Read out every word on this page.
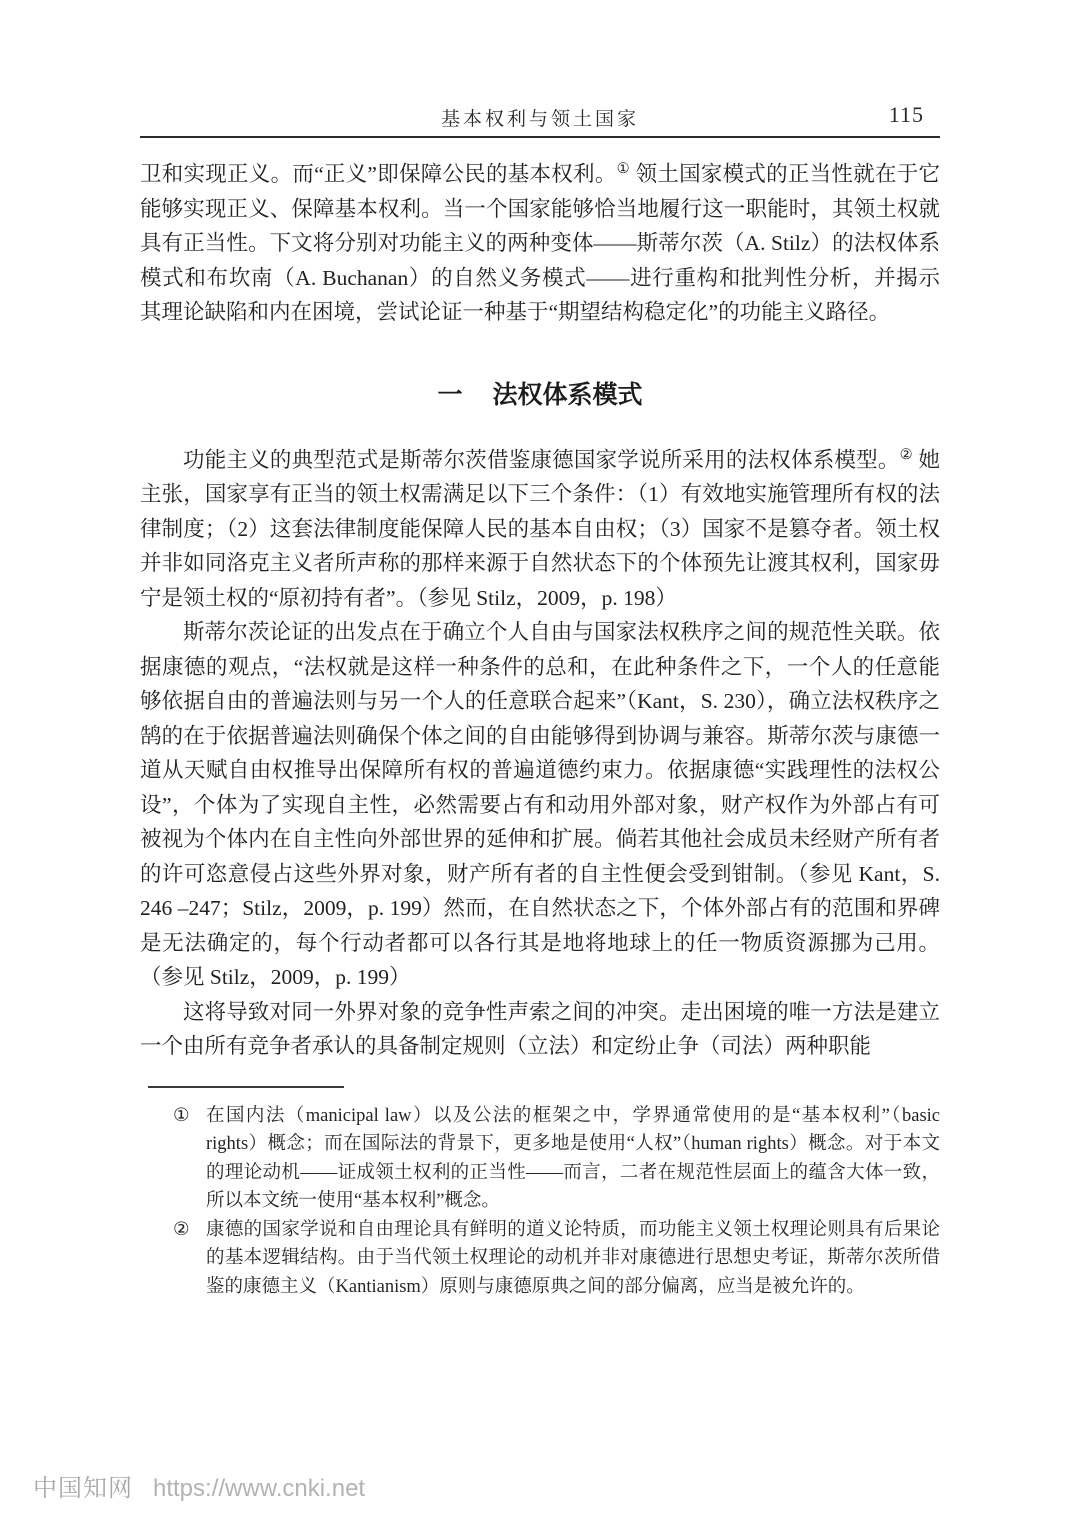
基本权利与领土国家	115

卫和实现正义。而“正义”即保障公民的基本权利。① 领土国家模式的正当性就在于它能够实现正义、保障基本权利。当一个国家能够恰当地履行这一职能时，其领土权就具有正当性。下文将分别对功能主义的两种变体——斯蒂尔茨（A. Stilz）的法权体系模式和布坎南（A. Buchanan）的自然义务模式——进行重构和批判性分析，并揭示其理论缺陷和内在困境，尝试论证一种基于“期望结构稳定化”的功能主义路径。

一 法权体系模式

功能主义的典型范式是斯蒂尔茨借鉴康德国家学说所采用的法权体系模型。② 她主张，国家享有正当的领土权需满足以下三个条件：（1）有效地实施管理所有权的法律制度；（2）这套法律制度能保障人民的基本自由权；（3）国家不是篡夺者。领土权并非如同洛克主义者所声称的那样来源于自然状态下的个体预先让渡其权利，国家毋宁是领土权的“原初持有者”。（参见 Stilz，2009，p. 198）

斯蒂尔茨论证的出发点在于确立个人自由与国家法权秩序之间的规范性关联。依据康德的观点，“法权就是这样一种条件的总和，在此种条件之下，一个人的任意能够依据自由的普遍法则与另一个人的任意联合起来”（Kant，S. 230），确立法权秩序之鹄的在于依据普遍法则确保个体之间的自由能够得到协调与兼容。斯蒂尔茨与康德一道从天赋自由权推导出保障所有权的普遍道德约束力。依据康德“实践理性的法权公设”，个体为了实现自主性，必然需要占有和动用外部对象，财产权作为外部占有可被视为个体内在自主性向外部世界的延伸和扩展。倘若其他社会成员未经财产所有者的许可恣意侵占这些外界对象，财产所有者的自主性便会受到钳制。（参见 Kant，S. 246 –247；Stilz，2009，p. 199）然而，在自然状态之下，个体外部占有的范围和界碑是无法确定的，每个行动者都可以各行其是地将地球上的任一物质资源挪为己用。（参见 Stilz，2009，p. 199）

这将导致对同一外界对象的竞争性声索之间的冲突。走出困境的唯一方法是建立一个由所有竞争者承认的具备制定规则（立法）和定纷止争（司法）两种职能

① 在国内法（manicipal law）以及公法的框架之中，学界通常使用的是“基本权利”（basic rights）概念；而在国际法的背景下，更多地是使用“人权”（human rights）概念。对于本文的理论动机——证成领土权利的正当性——而言，二者在规范性层面上的蕴含大体一致，所以本文统一使用“基本权利”概念。
② 康德的国家学说和自由理论具有鲜明的道义论特质，而功能主义领土权理论则具有后果论的基本逻辑结构。由于当代领土权理论的动机并非对康德进行思想史考证，斯蒂尔茨所借鉴的康德主义（Kantianism）原则与康德原典之间的部分偏离，应当是被允许的。
中国知网 https://www.cnki.net
